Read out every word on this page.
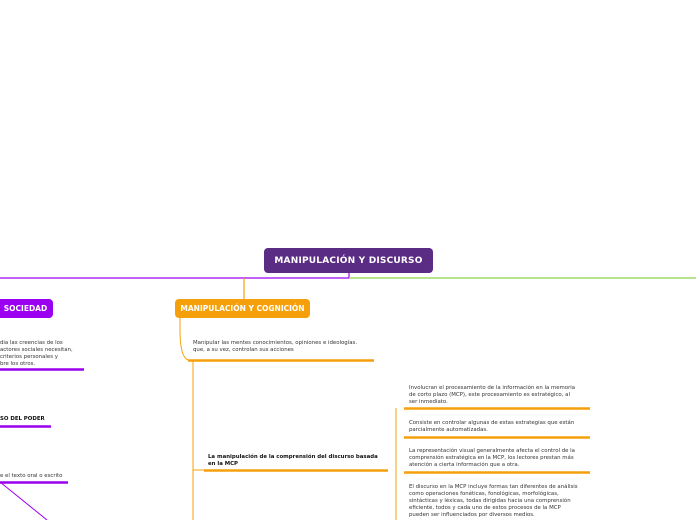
MANIPULACIÓN Y DISCURSO
MANIPULACIÓN Y COGNICIÓN
Manipular las mentes conocimientos, opiniones e ideologías.
que, a su vez, controlan sus acciones
La manipulación de la comprensión del discurso basada
en la MCP
Involucran el procesamiento de la información en la memoria
de corto plazo (MCP), este procesamiento es estratégico, al
ser inmediato.
Consiste en controlar algunas de estas estrategias que están
parcialmente automatizadas.
La representación visual generalmente afecta el control de la
comprensión estratégica en la MCP, los lectores prestan más
atención a cierta información que a otra.
El discurso en la MCP incluye formas tan diferentes de análisis
como operaciones fonéticas, fonológicas, morfológicas,
sintácticas y léxicas, todas dirigidas hacia una comprensión
eficiente, todos y cada uno de estos procesos de la MCP
pueden ser influenciados por diversos medios.
SOCIEDAD
dia las creencias de los
actores sociales necesitan,
criterios personales y
bre los otros.
SO DEL PODER
e el texto oral o escrito
